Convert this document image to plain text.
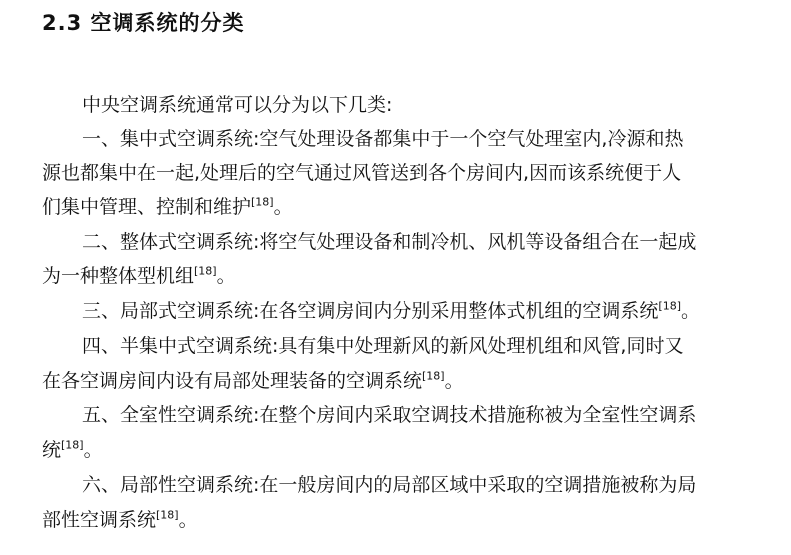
2.3 空调系统的分类
中央空调系统通常可以分为以下几类:
一、集中式空调系统:空气处理设备都集中于一个空气处理室内,冷源和热
源也都集中在一起,处理后的空气通过风管送到各个房间内,因而该系统便于人
们集中管理、控制和维护[18]。
二、整体式空调系统:将空气处理设备和制冷机、风机等设备组合在一起成
为一种整体型机组[18]。
三、局部式空调系统:在各空调房间内分别采用整体式机组的空调系统[18]。
四、半集中式空调系统:具有集中处理新风的新风处理机组和风管,同时又
在各空调房间内设有局部处理装备的空调系统[18]。
五、全室性空调系统:在整个房间内采取空调技术措施称被为全室性空调系
统[18]。
六、局部性空调系统:在一般房间内的局部区域中采取的空调措施被称为局
部性空调系统[18]。
